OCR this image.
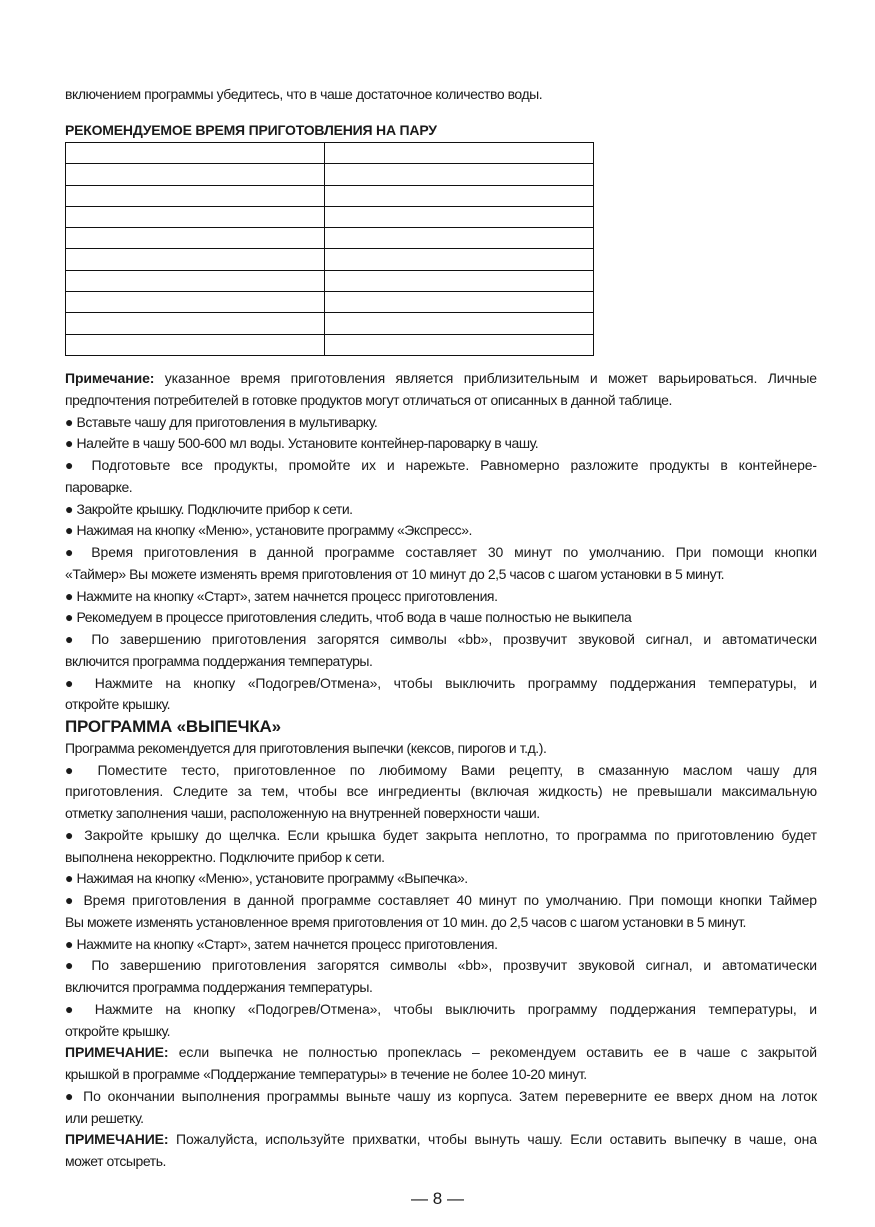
включением программы убедитесь, что в чаше достаточное количество воды.
РЕКОМЕНДУЕМОЕ ВРЕМЯ ПРИГОТОВЛЕНИЯ НА ПАРУ

Примечание: указанное время приготовления является приблизительным и может варьироваться. Личные
предпочтения потребителей в готовке продуктов могут отличаться от описанных в данной таблице.
● Вставьте чашу для приготовления в мультиварку.
● Налейте в чашу 500-600 мл воды. Установите контейнер-пароварку в чашу.
● Подготовьте все продукты, промойте их и нарежьте. Равномерно разложите продукты в контейнере-
пароварке.
● Закройте крышку. Подключите прибор к сети.
● Нажимая на кнопку «Меню», установите программу «Экспресс».
● Время приготовления в данной программе составляет 30 минут по умолчанию. При помощи кнопки
«Таймер» Вы можете изменять время приготовления от 10 минут до 2,5 часов с шагом установки в 5 минут.
● Нажмите на кнопку «Старт», затем начнется процесс приготовления.
● Рекомедуем в процессе приготовления следить, чтоб вода в чаше полностью не выкипела
● По завершению приготовления загорятся символы «bb», прозвучит звуковой сигнал, и автоматически
включится программа поддержания температуры.
● Нажмите на кнопку «Подогрев/Отмена», чтобы выключить программу поддержания температуры, и
откройте крышку.
ПРОГРАММА «ВЫПЕЧКА»
Программа рекомендуется для приготовления выпечки (кексов, пирогов и т.д.).
● Поместите тесто, приготовленное по любимому Вами рецепту, в смазанную маслом чашу для
приготовления. Следите за тем, чтобы все ингредиенты (включая жидкость) не превышали максимальную
отметку заполнения чаши, расположенную на внутренней поверхности чаши.
● Закройте крышку до щелчка. Если крышка будет закрыта неплотно, то программа по приготовлению будет
выполнена некорректно. Подключите прибор к сети.
● Нажимая на кнопку «Меню», установите программу «Выпечка».
● Время приготовления в данной программе составляет 40 минут по умолчанию. При помощи кнопки Таймер
Вы можете изменять установленное время приготовления от 10 мин. до 2,5 часов с шагом установки в 5 минут.
● Нажмите на кнопку «Старт», затем начнется процесс приготовления.
● По завершению приготовления загорятся символы «bb», прозвучит звуковой сигнал, и автоматически
включится программа поддержания температуры.
● Нажмите на кнопку «Подогрев/Отмена», чтобы выключить программу поддержания температуры, и
откройте крышку.
ПРИМЕЧАНИЕ: если выпечка не полностью пропеклась – рекомендуем оставить ее в чаше с закрытой
крышкой в программе «Поддержание температуры» в течение не более 10-20 минут.
● По окончании выполнения программы выньте чашу из корпуса. Затем переверните ее вверх дном на лоток
или решетку.
ПРИМЕЧАНИЕ: Пожалуйста, используйте прихватки, чтобы вынуть чашу. Если оставить выпечку в чаше, она
может отсыреть.
— 8 —
